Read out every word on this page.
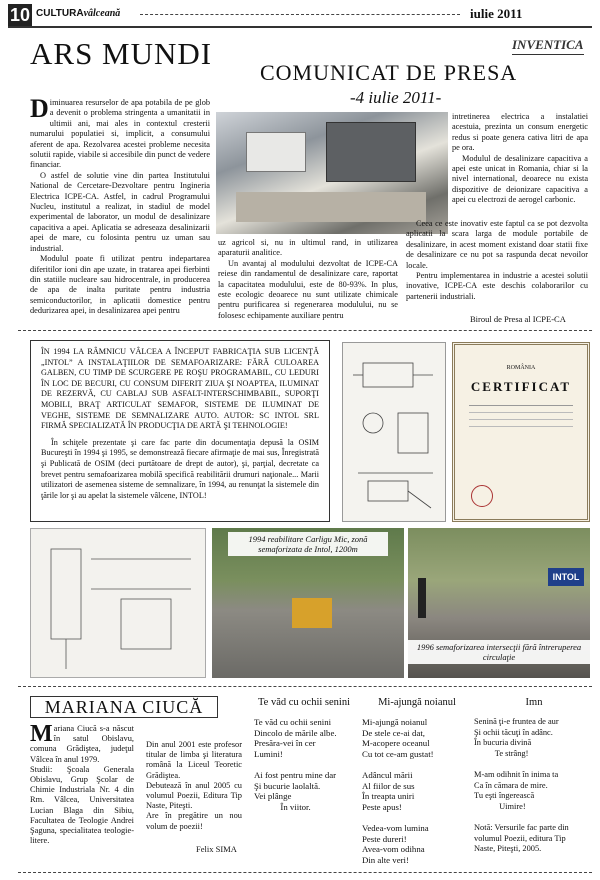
10 CULTURAvâlceană	iulie 2011
ARS MUNDI	INVENTICA
COMUNICAT DE PRESA
-4 iulie 2011-
Diminuarea resurselor de apa potabila de pe glob a devenit o problema stringenta a umanitatii in ultimii ani, mai ales in contextul cresterii numarului populatiei si, implicit, a consumului aferent de apa. Rezolvarea acestei probleme necesita solutii rapide, viabile si accesibile din punct de vedere financiar.
O astfel de solutie vine din partea Institutului National de Cercetare-Dezvoltare pentru Ingineria Electrica ICPE-CA. Astfel, in cadrul Programului Nucleu, institutul a realizat, in stadiul de model experimental de laborator, un modul de desalinizare capacitiva a apei. Aplicatia se adreseaza desalinizarii apei de mare, cu folosinta pentru uz uman sau industrial.
Modulul poate fi utilizat pentru indepartarea diferitilor ioni din ape uzate, in tratarea apei fierbinti din statiile nucleare sau hidrocentrale, in producerea de apa de inalta puritate pentru industria semiconductorilor, in aplicatii domestice pentru dedurizarea apei, in desalinizarea apei pentru
uz agricol si, nu in ultimul rand, in utilizarea aparaturii analitice.
Un avantaj al modulului dezvoltat de ICPE-CA reiese din randamentul de desalinizare care, raportat la capacitatea modulului, este de 80-93%. In plus, este ecologic deoarece nu sunt utilizate chimicale pentru purificarea si regenerarea modulului, nu se folosesc echipamente auxiliare pentru
intretinerea electrica a instalatiei acestuia, prezinta un consum energetic redus si poate genera cativa litri de apa pe ora.
Modulul de desalinizare capacitiva a apei este unicat in Romania, chiar si la nivel international, deoarece nu exista dispozitive de deionizare capacitiva a apei cu electrozi de aerogel carbonic.
Ceea ce este inovativ este faptul ca se pot dezvolta aplicatii la scara larga de module portabile de desalinizare, in acest moment existand doar statii fixe de desalinizare ce nu pot sa raspunda decat nevoilor locale.
Pentru implementarea in industrie a acestei solutii inovative, ICPE-CA este deschis colaborarilor cu partenerii industriali.
Biroul de Presa al ICPE-CA
ÎN 1994 LA RÂMNICU VÂLCEA A ÎNCEPUT FABRICAŢIA SUB LICENŢĂ „INTOL” A INSTALAŢIILOR DE SEMAFOARIZARE: FĂRĂ CULOAREA GALBEN, CU TIMP DE SCURGERE PE ROŞU PROGRAMABIL, CU LEDURI ÎN LOC DE BECURI, CU CONSUM DIFERIT ZIUA ŞI NOAPTEA, ILUMINAT DE REZERVĂ, CU CABLAJ SUB ASFALT-INTERSCHIMBABIL, SUPORŢI MOBILI, BRAŢ ARTICULAT SEMAFOR, SISTEME DE ILUMINAT DE VEGHE, SISTEME DE SEMNALIZARE AUTO. AUTOR: SC INTOL SRL FIRMĂ SPECIALIZATĂ ÎN PRODUCŢIA DE ARTĂ ŞI TEHNOLOGIE!
În schiţele prezentate şi care fac parte din documentaţia depusă la OSIM Bucureşti în 1994 şi 1995, se demonstrează fiecare afirmaţie de mai sus, Înregistrată şi Publicată de OSIM (deci purtătoare de drept de autor), şi, parţial, decretate ca brevet pentru semafoarizarea mobilă specifică reabilitării drumuri naţionale... Marii utilizatori de asemenea sisteme de semnalizare, în 1994, au renunţat la sistemele din ţările lor şi au apelat la sistemele vâlcene, INTOL!
ROMÂNIA
CERTIFICAT
1994 reabilitare Carligu Mic, zonă semaforizata de Intol, 1200m
INTOL
1996 semaforizarea intersecţii fără întreruperea circulaţie
MARIANA CIUCĂ
Mariana Ciucă s-a născut în satul Obislavu, comuna Grădiştea, judeţul Vâlcea în anul 1979.
Studii: Şcoala Generala Obislavu, Grup Şcolar de Chimie Industriala Nr. 4 din Rm. Vâlcea, Universitatea Lucian Blaga din Sibiu, Facultatea de Teologie Andrei Şaguna, specialitatea teologie-litere.
Din anul 2001 este profesor titular de limba şi literatura română la Liceul Teoretic Grădiştea.
Debutează în anul 2005 cu volumul Poezii, Editura Tip Naste, Piteşti.
Are în pregătire un nou volum de poezii!
Felix SIMA
Te văd cu ochii senini
Te văd cu ochii senini
Dincolo de mările albe.
Presăra-vei în cer
Lumini!

Ai fost pentru mine dar
Şi bucurie laolaltă.
Vei plânge
În viitor.
Mi-ajungă noianul
Mi-ajungă noianul
De stele ce-ai dat,
M-acopere oceanul
Cu tot ce-am gustat!

Adâncul mării
Al fiilor de sus
În treapta uniri
Peste apus!

Vedea-vom lumina
Peste dureri!
Avea-vom odihna
Din alte veri!
Imn
Senină ţi-e fruntea de aur
Şi ochii tăcuţi în adânc.
În bucuria divină
Te strâng!

M-am odihnit în inima ta
Ca în cămara de mire.
Tu eşti îngerească
Uimire!

Notă: Versurile fac parte din
volumul Poezii, editura Tip
Naste, Piteşti, 2005.
